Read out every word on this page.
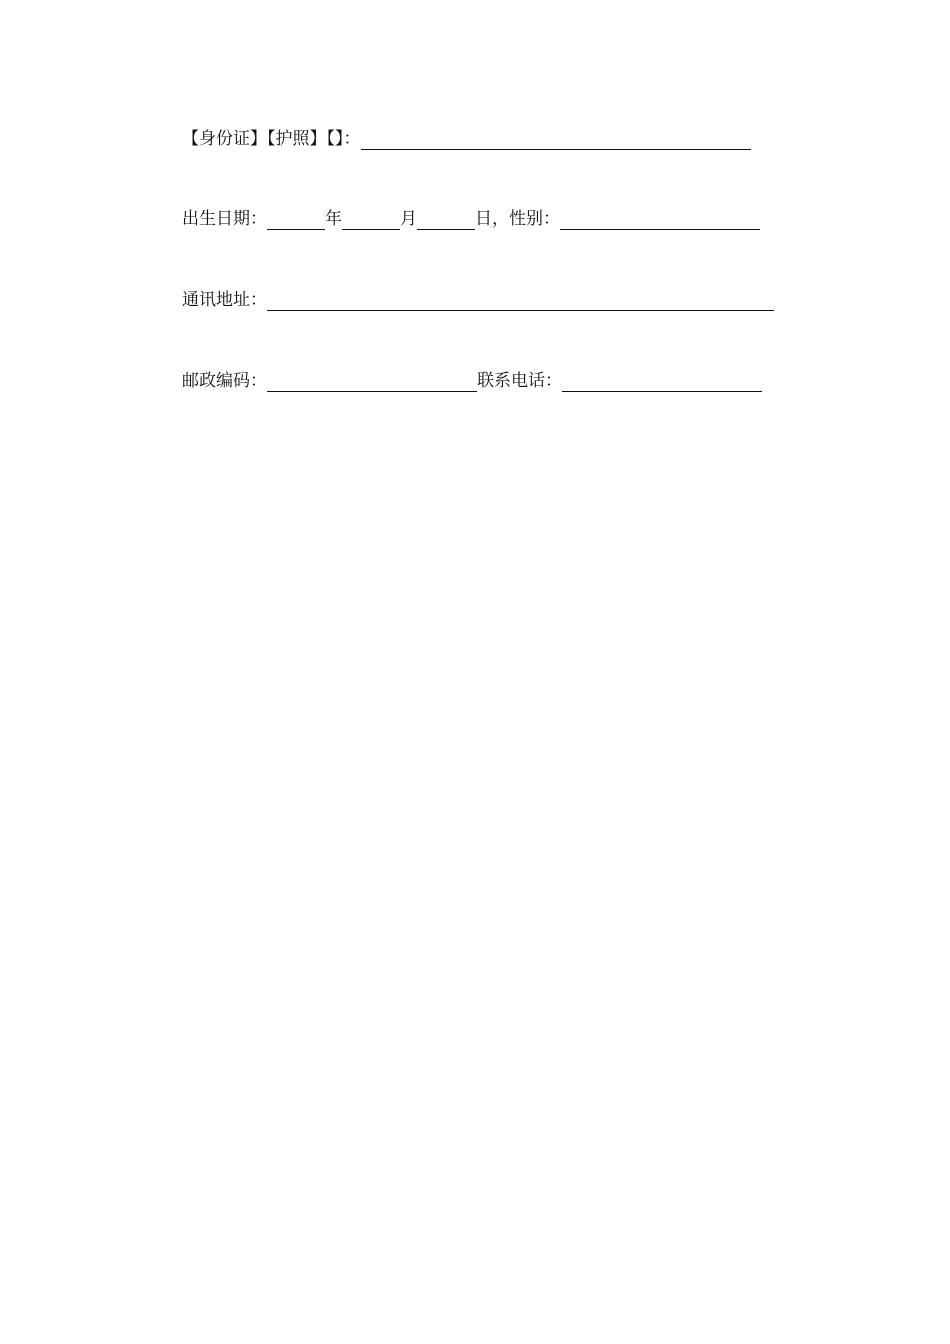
【身份证】【护照】【】：
出生日期：	年	月	日，性别：
通讯地址：
邮政编码：	联系电话：
